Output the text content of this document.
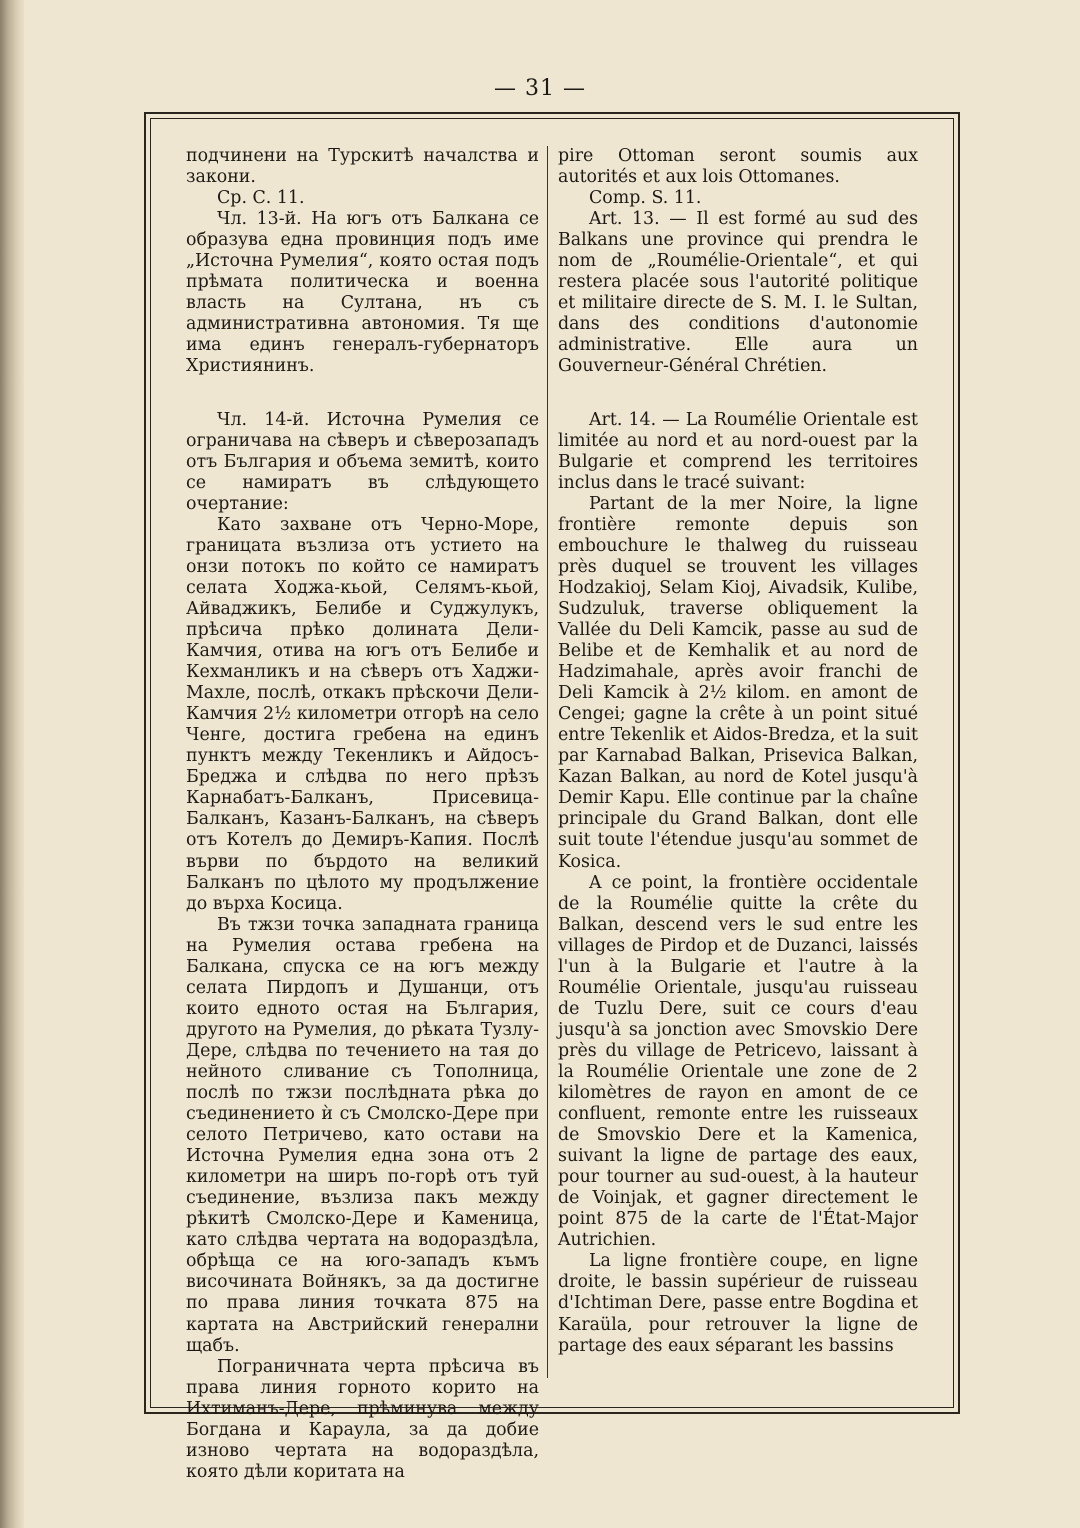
— 31 —

подчинени на Турскитѣ началства и закони.

Ср. С. 11.

Чл. 13-й. На югъ отъ Балкана се образува една провинция подъ име „Источна Румелия“, която остая подъ прѣмата политическа и военна власть на Султана, нъ съ административна автономия. Тя ще има единъ генералъ-губернаторъ Християнинъ.

Чл. 14-й. Источна Румелия се ограничава на сѣверъ и сѣверозападъ отъ България и объема земитѣ, които се намиратъ въ слѣдующето очертание:

Като захване отъ Черно-Море, границата възлиза отъ устието на онзи потокъ по който се намиратъ селата Ходжа-кьой, Селямъ-кьой, Айваджикъ, Белибе и Суджулукъ, прѣсича прѣко долината Дели-Камчия, отива на югъ отъ Белибе и Кехманликъ и на сѣверъ отъ Хаджи-Махле, послѣ, откакъ прѣскочи Дели-Камчия 2½ километри отгорѣ на село Ченге, достига гребена на единъ пунктъ между Текенликъ и Айдосъ-Бреджа и слѣдва по него прѣзъ Карнабатъ-Балканъ, Присевица-Балканъ, Казанъ-Балканъ, на сѣверъ отъ Котелъ до Демиръ-Капия. Послѣ върви по бърдото на великий Балканъ по цѣлото му продължение до върха Косица.

Въ тжзи точка западната граница на Румелия остава гребена на Балкана, спуска се на югъ между селата Пирдопъ и Душанци, отъ които едното остая на България, другото на Румелия, до рѣката Тузлу-Дере, слѣдва по течението на тая до нейното сливание съ Тополница, послѣ по тжзи послѣдната рѣка до съединението ѝ съ Смолско-Дере при селото Петричево, като остави на Источна Румелия една зона отъ 2 километри на ширъ по-горѣ отъ туй съединение, възлиза пакъ между рѣкитѣ Смолско-Дере и Каменица, като слѣдва чертата на водораздѣла, обрѣща се на юго-западъ къмъ височината Войнякъ, за да достигне по права линия точката 875 на картата на Австрийский генерални щабъ.

Пограничната черта прѣсича въ права линия горното корито на Ихтиманъ-Дере, прѣминува между Богдана и Караула, за да добие изново чертата на водораздѣла, която дѣли коритата на

pire Ottoman seront soumis aux autorités et aux lois Ottomanes.

Comp. S. 11.

Art. 13. — Il est formé au sud des Balkans une province qui prendra le nom de „Roumélie-Orientale“, et qui restera placée sous l'autorité politique et militaire directe de S. M. I. le Sultan, dans des conditions d'autonomie administrative. Elle aura un Gouverneur-Général Chrétien.

Art. 14. — La Roumélie Orientale est limitée au nord et au nord-ouest par la Bulgarie et comprend les territoires inclus dans le tracé suivant:

Partant de la mer Noire, la ligne frontière remonte depuis son embouchure le thalweg du ruisseau près duquel se trouvent les villages Hodzakioj, Selam Kioj, Aivadsik, Kulibe, Sudzuluk, traverse obliquement la Vallée du Deli Kamcik, passe au sud de Belibe et de Kemhalik et au nord de Hadzimahale, après avoir franchi de Deli Kamcik à 2½ kilom. en amont de Cengei; gagne la crête à un point situé entre Tekenlik et Aidos-Bredza, et la suit par Karnabad Balkan, Prisevica Balkan, Kazan Balkan, au nord de Kotel jusqu'à Demir Kapu. Elle continue par la chaîne principale du Grand Balkan, dont elle suit toute l'étendue jusqu'au sommet de Kosica.

A ce point, la frontière occidentale de la Roumélie quitte la crête du Balkan, descend vers le sud entre les villages de Pirdop et de Duzanci, laissés l'un à la Bulgarie et l'autre à la Roumélie Orientale, jusqu'au ruisseau de Tuzlu Dere, suit ce cours d'eau jusqu'à sa jonction avec Smovskio Dere près du village de Petricevo, laissant à la Roumélie Orientale une zone de 2 kilomètres de rayon en amont de ce confluent, remonte entre les ruisseaux de Smovskio Dere et la Kamenica, suivant la ligne de partage des eaux, pour tourner au sud-ouest, à la hauteur de Voinjak, et gagner directement le point 875 de la carte de l'État-Major Autrichien.

La ligne frontière coupe, en ligne droite, le bassin supérieur de ruisseau d'Ichtiman Dere, passe entre Bogdina et Karaüla, pour retrouver la ligne de partage des eaux séparant les bassins
